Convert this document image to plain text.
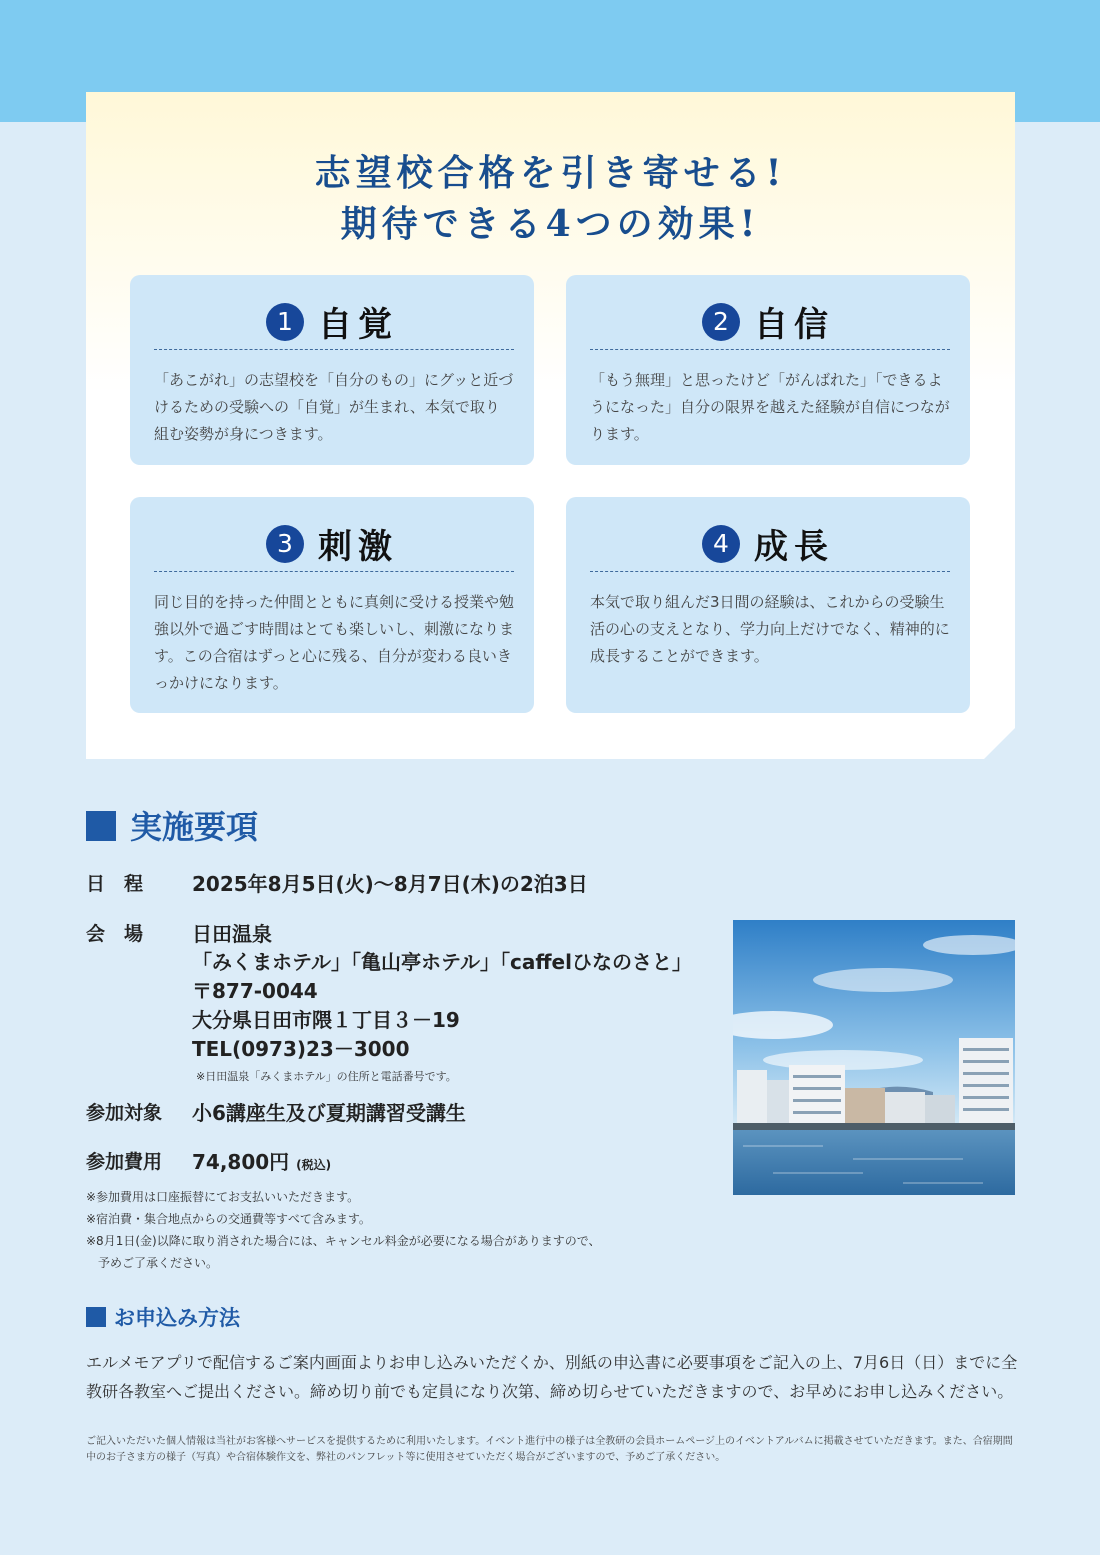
志望校合格を引き寄せる!
期待できる4つの効果!
1 自覚
「あこがれ」の志望校を「自分のもの」にグッと近づけるための受験への「自覚」が生まれ、本気で取り組む姿勢が身につきます。
2 自信
「もう無理」と思ったけど「がんばれた」「できるようになった」自分の限界を越えた経験が自信につながります。
3 刺激
同じ目的を持った仲間とともに真剣に受ける授業や勉強以外で過ごす時間はとても楽しいし、刺激になります。この合宿はずっと心に残る、自分が変わる良いきっかけになります。
4 成長
本気で取り組んだ3日間の経験は、これからの受験生活の心の支えとなり、学力向上だけでなく、精神的に成長することができます。
実施要項
日　程 2025年8月5日(火)～8月7日(木)の2泊3日
会　場 日田温泉
「みくまホテル」「亀山亭ホテル」「caffelひなのさと」
〒877-0044
大分県日田市隈１丁目３－19
TEL(0973)23－3000
※日田温泉「みくまホテル」の住所と電話番号です。
参加対象 小6講座生及び夏期講習受講生
参加費用 74,800円 (税込)
※参加費用は口座振替にてお支払いいただきます。
※宿泊費・集合地点からの交通費等すべて含みます。
※8月1日(金)以降に取り消された場合には、キャンセル料金が必要になる場合がありますので、
　予めご了承ください。
お申込み方法
エルメモアプリで配信するご案内画面よりお申し込みいただくか、別紙の申込書に必要事項をご記入の上、7月6日（日）までに全教研各教室へご提出ください。締め切り前でも定員になり次第、締め切らせていただきますので、お早めにお申し込みください。
ご記入いただいた個人情報は当社がお客様へサービスを提供するために利用いたします。イベント進行中の様子は全教研の会員ホームページ上のイベントアルバムに掲載させていただきます。また、合宿期間中のお子さま方の様子（写真）や合宿体験作文を、弊社のパンフレット等に使用させていただく場合がございますので、予めご了承ください。
